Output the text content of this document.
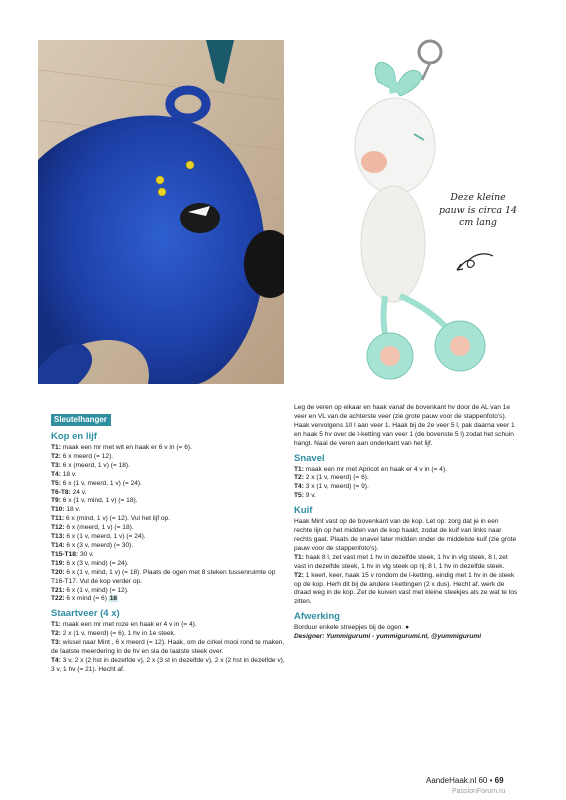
Deze kleine pauw is circa 14 cm lang
Sleutelhanger
Kop en lijf

T1: maak een mr met wit en haak er 6 v in (= 6).

T2: 6 x meerd (= 12).

T3: 6 x (meerd, 1 v) (= 18).

T4: 18 v.

T5: 6 x (1 v, meerd, 1 v) (= 24).

T6-T8: 24 v.

T9: 6 x (1 v, mind, 1 v) (= 18).

T10: 18 v.

T11: 6 x (mind, 1 v) (= 12). Vul het lijf op.

T12: 6 x (meerd, 1 v) (= 18).

T13: 6 x (1 v, meerd, 1 v) (= 24).

T14: 6 x (3 v, meerd) (= 30).

T15-T18: 30 v.

T19: 6 x (3 v, mind) (= 24).

T20: 6 x (1 v, mind, 1 v) (= 18). Plaats de ogen met 8 steken tussenruimte op T16-T17. Vul de kop verder op.

T21: 6 x (1 v, mind) (= 12).

T22: 6 x mind (= 6) 16

Staartveer (4 x)

T1: maak een mr met roze en haak er 4 v in (= 4).

T2: 2 x (1 v, meerd) (= 6), 1 hv in 1e steek.

T3: wissel naar Mint , 6 x meerd (= 12). Haak, om de cirkel mooi rond te maken, de laatste meerdering in de hv en sla de laatste steek over.

T4: 3 v, 2 x (2 hst in dezelfde v), 2 x (3 st in dezelfde v), 2 x (2 hst in dezelfde v), 3 v, 1 hv (= 21). Hecht af.

Leg de veren op elkaar en haak vanaf de bovenkant hv door de AL van 1e veer en VL van de achterste veer (zie grote pauw voor de stappenfoto's). Haak vervolgens 10 l aan veer 1. Haak bij de 2e veer 5 l, pak daarna veer 1 en haak 5 hv over de l-ketting van veer 1 (de bovenste 5 l) zodat het schuin hangt. Naai de veren aan onderkant van het lijf.

Snavel

T1: maak een mr met Apricot en haak er 4 v in (= 4).

T2: 2 x (1 v, meerd) (= 6).

T4: 3 x (1 v, meerd) (= 9).

T5: 9 v.

Kuif

Haak Mint vast op de bovenkant van de kop. Let op: zorg dat je in een rechte lijn op het midden van de kop haakt, zodat de kuif van links naar rechts gaat. Plaats de snavel later midden onder de middelste kuif (zie grote pauw voor de stappenfoto's).

T1: haak 8 l, zet vast met 1 hv in dezelfde steek, 1 hv in vlg steek, 8 l, zet vast in dezelfde steek, 1 hv in vlg steek op rij, 8 l, 1 hv in dezelfde steek.

T2: 1 keerl, keer, haak 15 v rondom de l-ketting, eindig met 1 hv in de steek op de kop. Herh dit bij de andere l-kettingen (2 x dus). Hecht af, werk de draad weg in de kop. Zet de kuiven vast met kleine steekjes als ze wat te los zitten.

Afwerking

Borduur enkele streepjes bij de ogen. ●

Designer: Yummigurumi - yummigurumi.nl, @yummigurumi

AandeHaak.nl 60 • 69
PassionForum.ru
